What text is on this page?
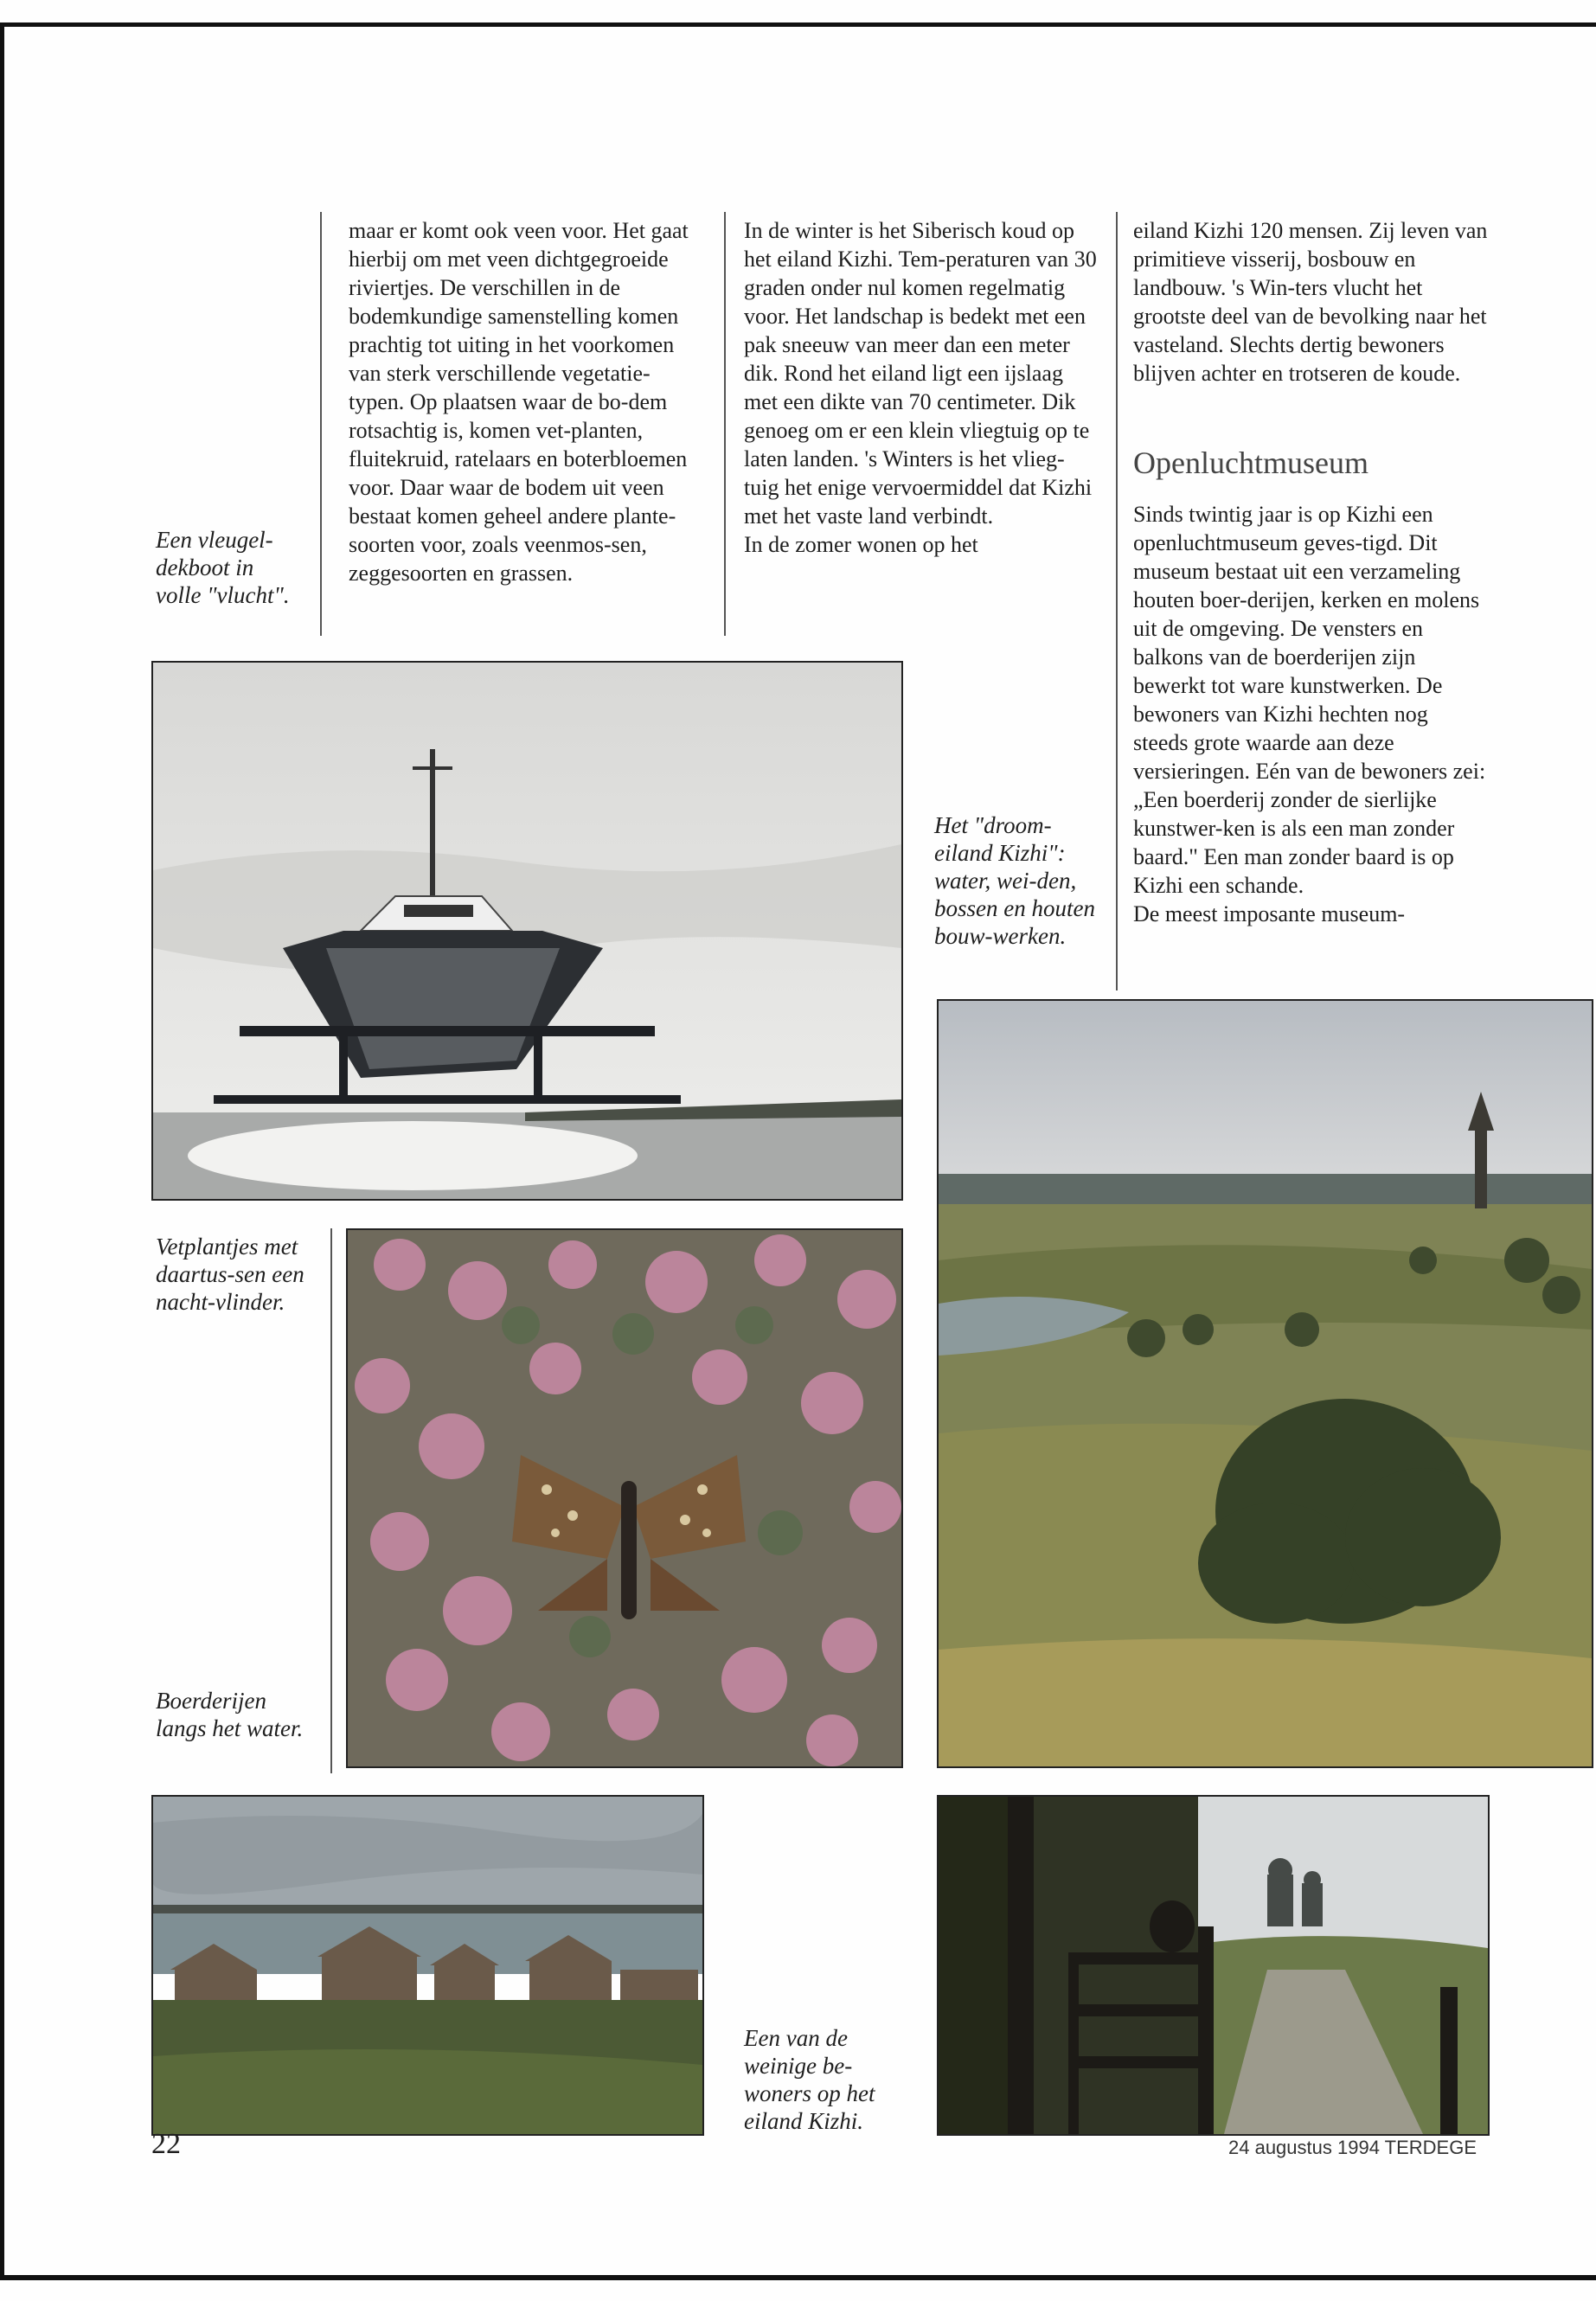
maar er komt ook veen voor. Het gaat hierbij om met veen dichtgegroeide riviertjes. De verschillen in de bodemkundige samenstelling komen prachtig tot uiting in het voorkomen van sterk verschillende vegetatie-typen. Op plaatsen waar de bo-dem rotsachtig is, komen vet-planten, fluitekruid, ratelaars en boterbloemen voor. Daar waar de bodem uit veen bestaat komen geheel andere plante-soorten voor, zoals veenmos-sen, zeggesoorten en grassen.

Een vleugel-dekboot in volle "vlucht".

In de winter is het Siberisch koud op het eiland Kizhi. Tem-peraturen van 30 graden onder nul komen regelmatig voor. Het landschap is bedekt met een pak sneeuw van meer dan een meter dik. Rond het eiland ligt een ijslaag met een dikte van 70 centimeter. Dik genoeg om er een klein vliegtuig op te laten landen. 's Winters is het vlieg-tuig het enige vervoermiddel dat Kizhi met het vaste land verbindt.

In de zomer wonen op het

eiland Kizhi 120 mensen. Zij leven van primitieve visserij, bosbouw en landbouw. 's Win-ters vlucht het grootste deel van de bevolking naar het vasteland. Slechts dertig bewoners blijven achter en trotseren de koude.

Openluchtmuseum

Sinds twintig jaar is op Kizhi een openluchtmuseum geves-tigd. Dit museum bestaat uit een verzameling houten boer-derijen, kerken en molens uit de omgeving. De vensters en balkons van de boerderijen zijn bewerkt tot ware kunstwerken. De bewoners van Kizhi hechten nog steeds grote waarde aan deze versieringen. Eén van de bewoners zei: „Een boerderij zonder de sierlijke kunstwer-ken is als een man zonder baard." Een man zonder baard is op Kizhi een schande.

De meest imposante museum-

Het "droom-eiland Kizhi": water, wei-den, bossen en houten bouw-werken.

Vetplantjes met daartus-sen een nacht-vlinder.

Boerderijen langs het water.

Een van de weinige be-woners op het eiland Kizhi.

22	24 augustus 1994 TERDEGE
